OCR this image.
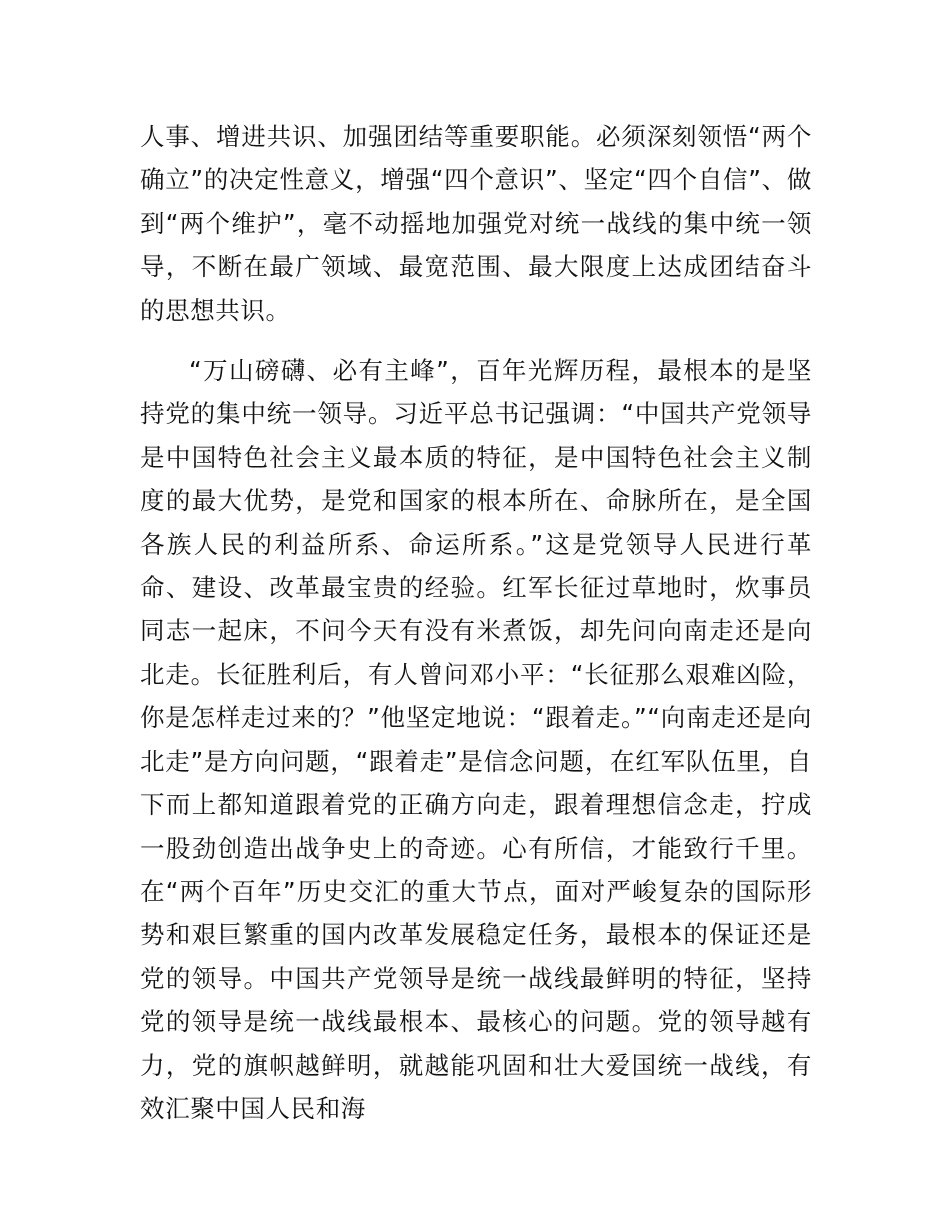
人事、增进共识、加强团结等重要职能。必须深刻领悟“两个确立”的决定性意义，增强“四个意识”、坚定“四个自信”、做到“两个维护”，毫不动摇地加强党对统一战线的集中统一领导，不断在最广领域、最宽范围、最大限度上达成团结奋斗的思想共识。

“万山磅礴、必有主峰”，百年光辉历程，最根本的是坚持党的集中统一领导。习近平总书记强调：“中国共产党领导是中国特色社会主义最本质的特征，是中国特色社会主义制度的最大优势，是党和国家的根本所在、命脉所在，是全国各族人民的利益所系、命运所系。”这是党领导人民进行革命、建设、改革最宝贵的经验。红军长征过草地时，炊事员同志一起床，不问今天有没有米煮饭，却先问向南走还是向北走。长征胜利后，有人曾问邓小平：“长征那么艰难凶险，你是怎样走过来的？”他坚定地说：“跟着走。”“向南走还是向北走”是方向问题，“跟着走”是信念问题，在红军队伍里，自下而上都知道跟着党的正确方向走，跟着理想信念走，拧成一股劲创造出战争史上的奇迹。心有所信，才能致行千里。在“两个百年”历史交汇的重大节点，面对严峻复杂的国际形势和艰巨繁重的国内改革发展稳定任务，最根本的保证还是党的领导。中国共产党领导是统一战线最鲜明的特征，坚持党的领导是统一战线最根本、最核心的问题。党的领导越有力，党的旗帜越鲜明，就越能巩固和壮大爱国统一战线，有效汇聚中国人民和海
